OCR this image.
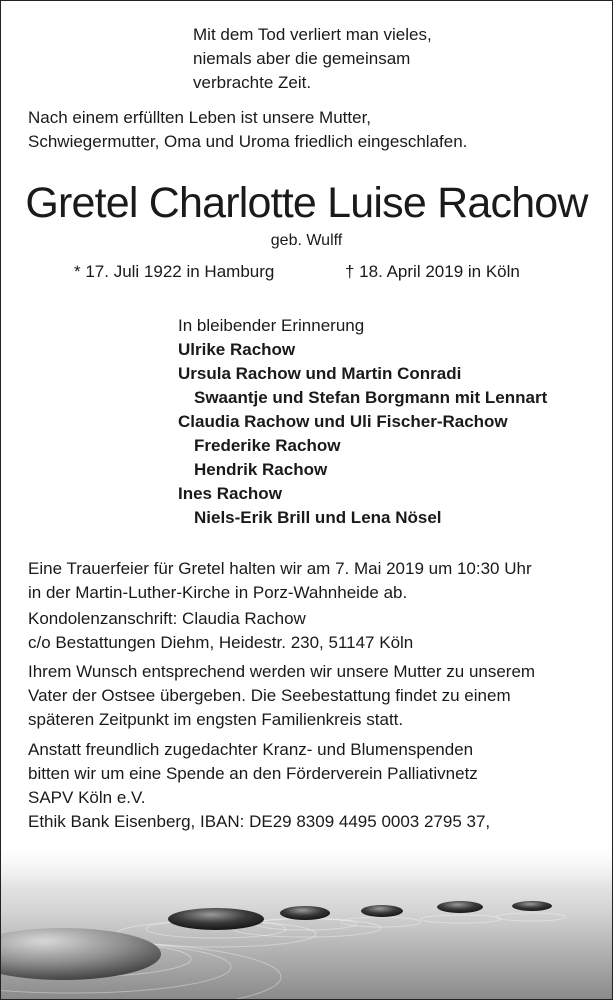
Mit dem Tod verliert man vieles,
niemals aber die gemeinsam
verbrachte Zeit.
Nach einem erfüllten Leben ist unsere Mutter,
Schwiegermutter, Oma und Uroma friedlich eingeschlafen.
Gretel Charlotte Luise Rachow
geb. Wulff
* 17. Juli 1922 in Hamburg	† 18. April 2019 in Köln
In bleibender Erinnerung
Ulrike Rachow
Ursula Rachow und Martin Conradi
Swaantje und Stefan Borgmann mit Lennart
Claudia Rachow und Uli Fischer-Rachow
Frederike Rachow
Hendrik Rachow
Ines Rachow
Niels-Erik Brill und Lena Nösel
Eine Trauerfeier für Gretel halten wir am 7. Mai 2019 um 10:30 Uhr
in der Martin-Luther-Kirche in Porz-Wahnheide ab.
Kondolenzanschrift: Claudia Rachow
c/o Bestattungen Diehm, Heidestr. 230, 51147 Köln
Ihrem Wunsch entsprechend werden wir unsere Mutter zu unserem
Vater der Ostsee übergeben. Die Seebestattung findet zu einem
späteren Zeitpunkt im engsten Familienkreis statt.
Anstatt freundlich zugedachter Kranz- und Blumenspenden
bitten wir um eine Spende an den Förderverein Palliativnetz
SAPV Köln e.V.
Ethik Bank Eisenberg, IBAN: DE29 8309 4495 0003 2795 37,
